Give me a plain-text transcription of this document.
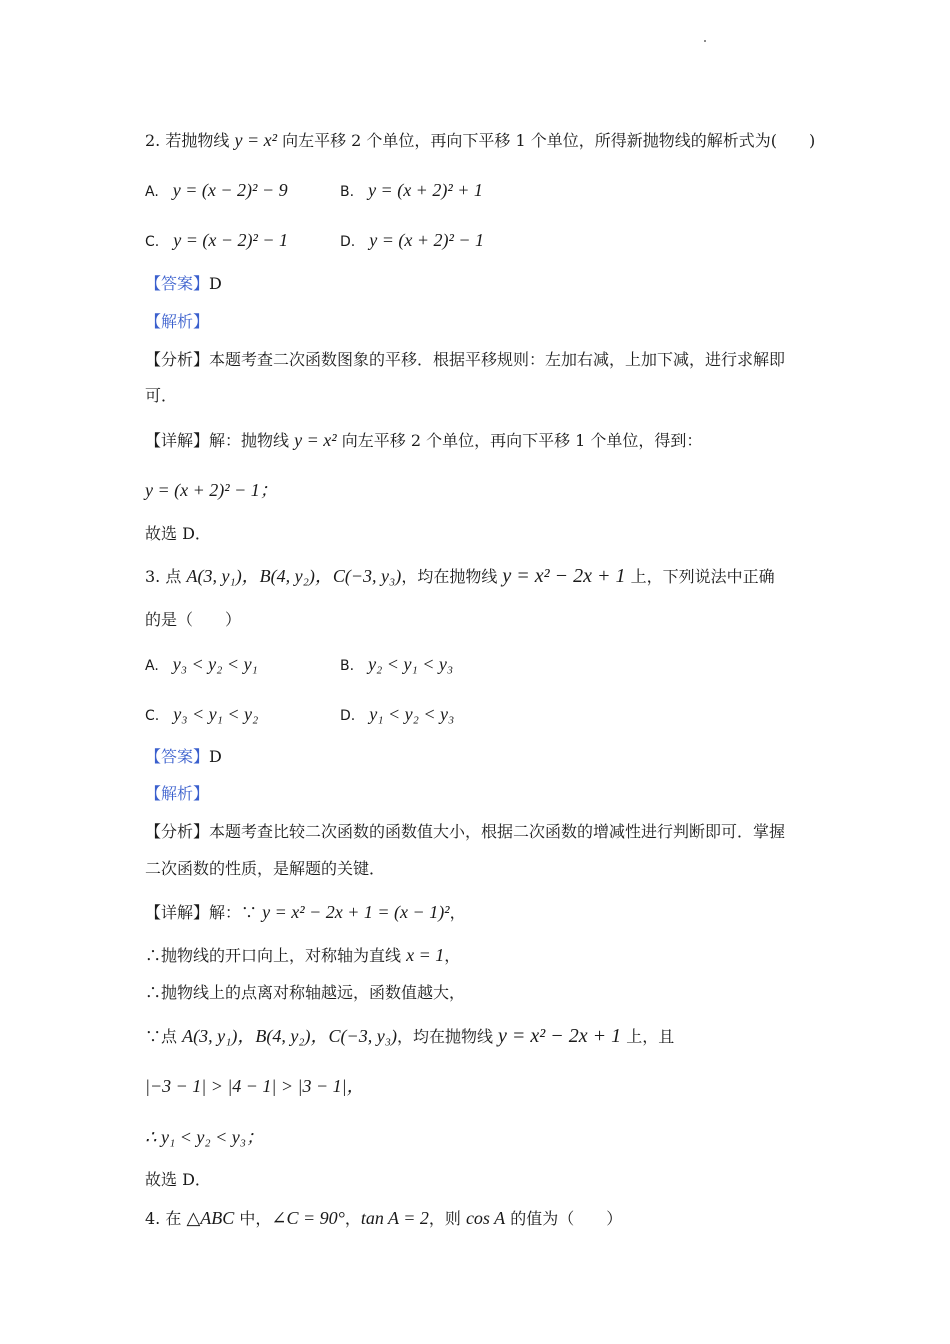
2. 若抛物线 y = x² 向左平移 2 个单位，再向下平移 1 个单位，所得新抛物线的解析式为(　　)
A. y = (x − 2)² − 9	B. y = (x + 2)² + 1
C. y = (x − 2)² − 1	D. y = (x + 2)² − 1
【答案】D
【解析】
【分析】本题考查二次函数图象的平移．根据平移规则：左加右减，上加下减，进行求解即
可．
【详解】解：抛物线 y = x² 向左平移 2 个单位，再向下平移 1 个单位，得到：
y = (x + 2)² − 1；
故选 D．
3. 点 A(3, y₁)，B(4, y₂)，C(−3, y₃)，均在抛物线 y = x² − 2x + 1 上，下列说法中正确
的是（　　）
A. y₃ < y₂ < y₁	B. y₂ < y₁ < y₃
C. y₃ < y₁ < y₂	D. y₁ < y₂ < y₃
【答案】D
【解析】
【分析】本题考查比较二次函数的函数值大小，根据二次函数的增减性进行判断即可．掌握
二次函数的性质，是解题的关键．
【详解】解：∵ y = x² − 2x + 1 = (x − 1)²，
∴抛物线的开口向上，对称轴为直线 x = 1，
∴抛物线上的点离对称轴越远，函数值越大，
∵点 A(3, y₁)，B(4, y₂)，C(−3, y₃)，均在抛物线 y = x² − 2x + 1 上，且
|−3 − 1| > |4 − 1| > |3 − 1|，
∴ y₁ < y₂ < y₃；
故选 D．
4. 在 △ABC 中，∠C = 90°，tan A = 2，则 cos A 的值为（　　）
